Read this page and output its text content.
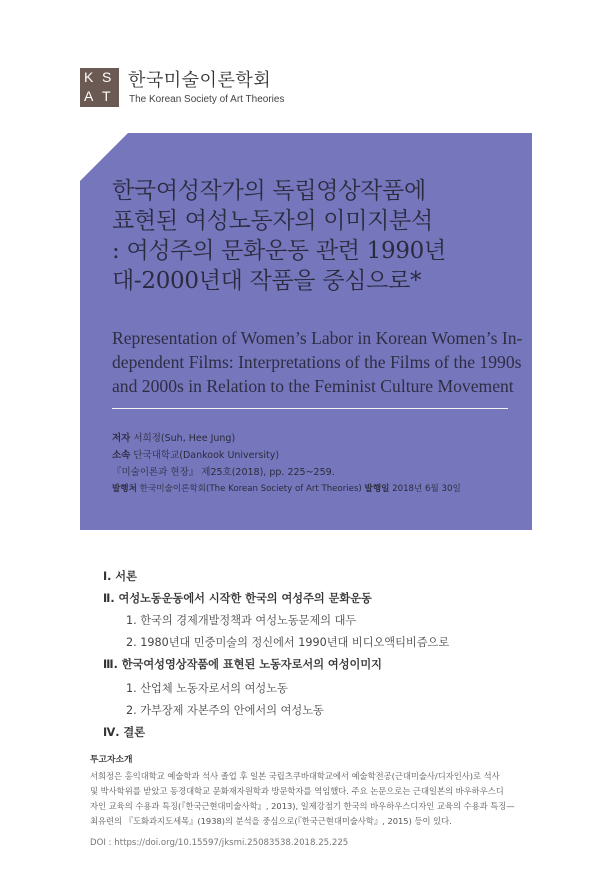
K S
A T
한국미술이론학회
The Korean Society of Art Theories
한국여성작가의 독립영상작품에
표현된 여성노동자의 이미지분석
: 여성주의 문화운동 관련 1990년
대-2000년대 작품을 중심으로*
Representation of Women’s Labor in Korean Women’s In-
dependent Films: Interpretations of the Films of the 1990s
and 2000s in Relation to the Feminist Culture Movement
저자 서희정(Suh, Hee Jung)
소속 단국대학교(Dankook University)
『미술이론과 현장』 제25호(2018), pp. 225~259.
발행처 한국미술이론학회(The Korean Society of Art Theories) 발행일 2018년 6월 30일
Ⅰ. 서론
Ⅱ. 여성노동운동에서 시작한 한국의 여성주의 문화운동
1. 한국의 경제개발정책과 여성노동문제의 대두
2. 1980년대 민중미술의 정신에서 1990년대 비디오액티비즘으로
Ⅲ. 한국여성영상작품에 표현된 노동자로서의 여성이미지
1. 산업체 노동자로서의 여성노동
2. 가부장제 자본주의 안에서의 여성노동
Ⅳ. 결론
투고자소개
서희정은 홍익대학교 예술학과 석사 졸업 후 일본 국립츠쿠바대학교에서 예술학전공(근대미술사/디자인사)로 석사
및 박사학위를 받았고 동경대학교 문화재자원학과 방문학자를 역임했다. 주요 논문으로는 근대일본의 바우하우스디
자인 교육의 수용과 특징(『한국근현대미술사학』, 2013), 일제강점기 한국의 바우하우스디자인 교육의 수용과 특징—
최유련의 『도화과지도세목』(1938)의 분석을 중심으로(『한국근현대미술사학』, 2015) 등이 있다.
DOI : https://doi.org/10.15597/jksmi.25083538.2018.25.225
